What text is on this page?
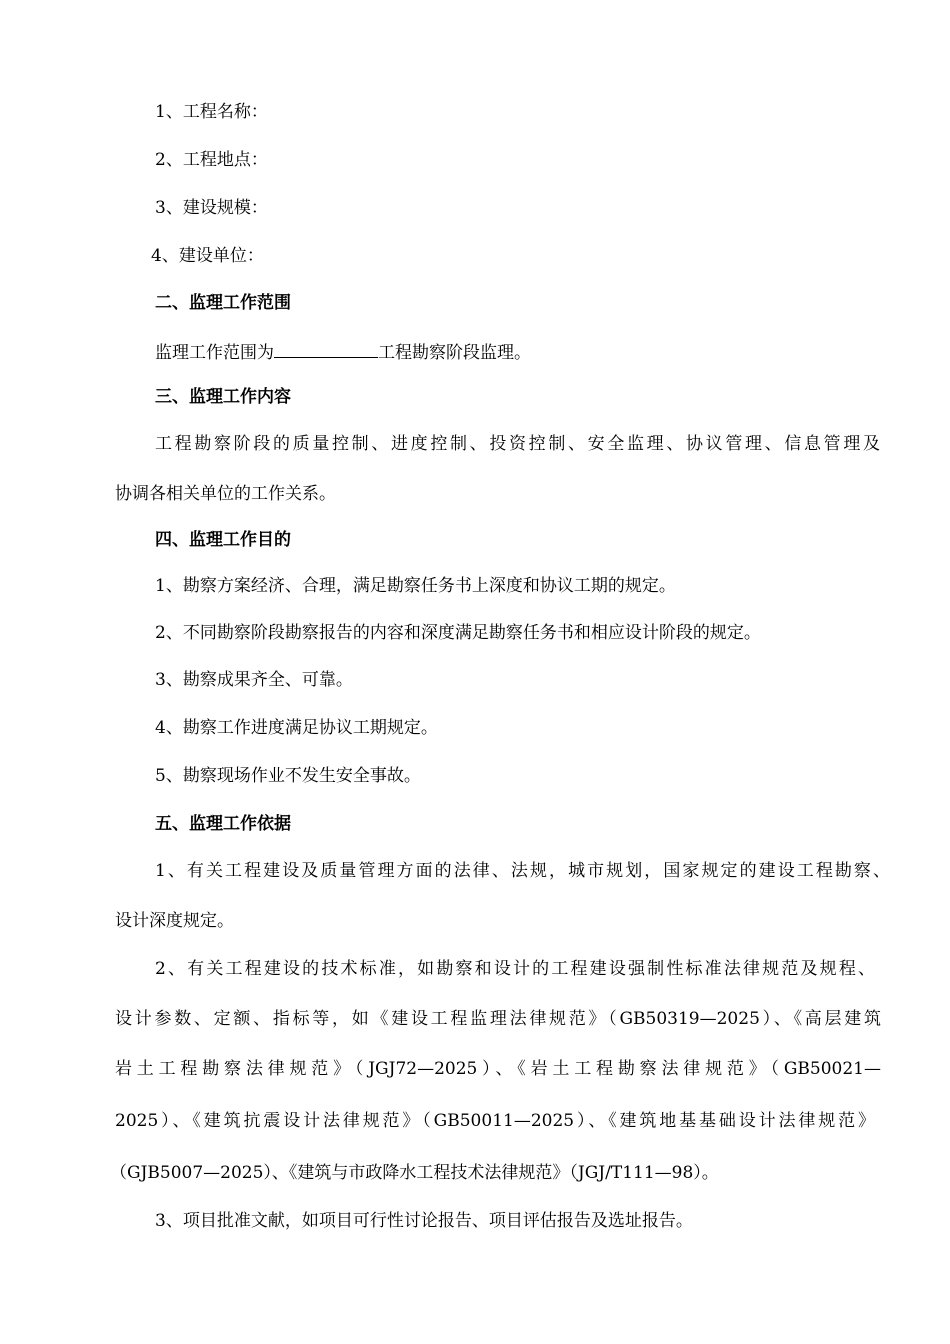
1、工程名称：

2、工程地点：

3、建设规模：

4、建设单位：

二、监理工作范围

监理工作范围为	工程勘察阶段监理。

三、监理工作内容

工程勘察阶段的质量控制、进度控制、投资控制、安全监理、协议管理、信息管理及

协调各相关单位的工作关系。

四、监理工作目的

1、勘察方案经济、合理，满足勘察任务书上深度和协议工期的规定。

2、不同勘察阶段勘察报告的内容和深度满足勘察任务书和相应设计阶段的规定。

3、勘察成果齐全、可靠。

4、勘察工作进度满足协议工期规定。

5、勘察现场作业不发生安全事故。

五、监理工作依据

1、有关工程建设及质量管理方面的法律、法规，城市规划，国家规定的建设工程勘察、

设计深度规定。

2、有关工程建设的技术标准，如勘察和设计的工程建设强制性标准法律规范及规程、

设计参数、定额、指标等，如《建设工程监理法律规范》（GB50319—2025）、《高层建筑

岩土工程勘察法律规范》（JGJ72—2025）、《岩土工程勘察法律规范》（GB50021—

2025）、《建筑抗震设计法律规范》（GB50011—2025）、《建筑地基基础设计法律规范》

（GJB5007—2025）、《建筑与市政降水工程技术法律规范》（JGJ/T111—98）。

3、项目批准文献，如项目可行性讨论报告、项目评估报告及选址报告。
